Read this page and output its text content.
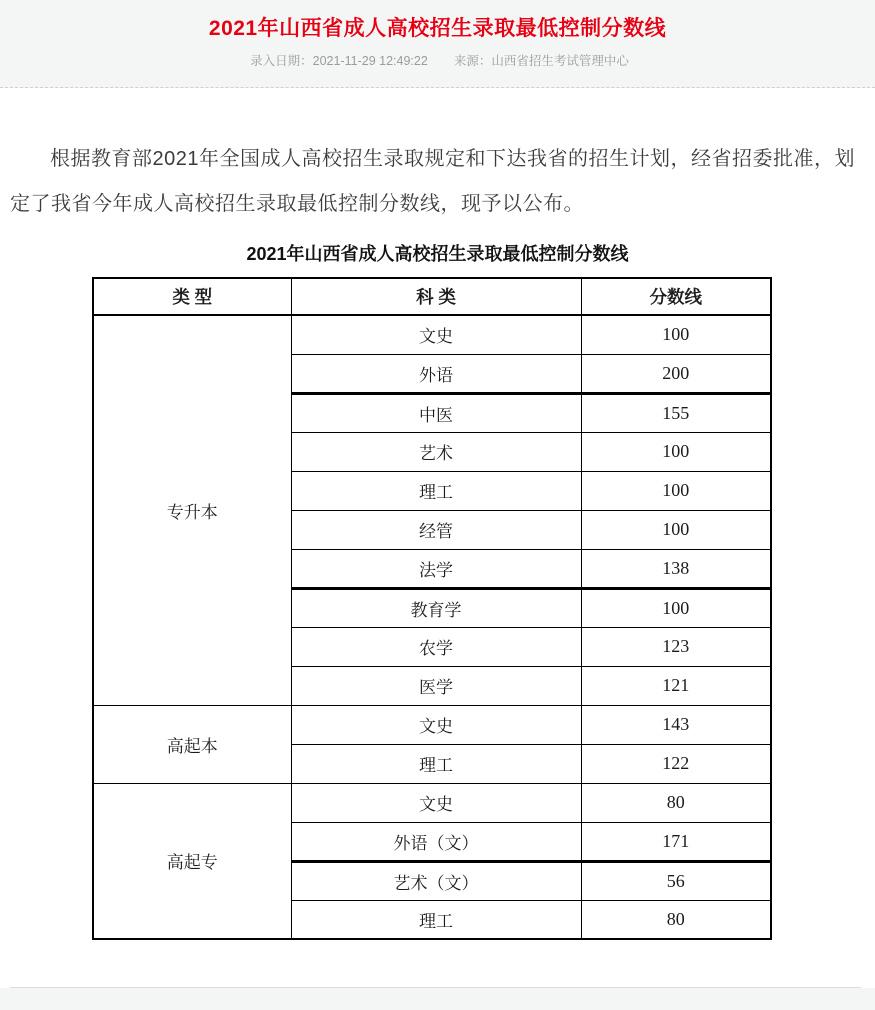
2021年山西省成人高校招生录取最低控制分数线
录入日期：2021-11-29 12:49:22 来源：山西省招生考试管理中心

根据教育部2021年全国成人高校招生录取规定和下达我省的招生计划，经省招委批准，划定了我省今年成人高校招生录取最低控制分数线，现予以公布。

2021年山西省成人高校招生录取最低控制分数线
类 型	科 类	分数线
专升本	文史	100
	外语	200
	中医	155
	艺术	100
	理工	100
	经管	100
	法学	138
	教育学	100
	农学	123
	医学	121
高起本	文史	143
	理工	122
高起专	文史	80
	外语（文）	171
	艺术（文）	56
	理工	80
